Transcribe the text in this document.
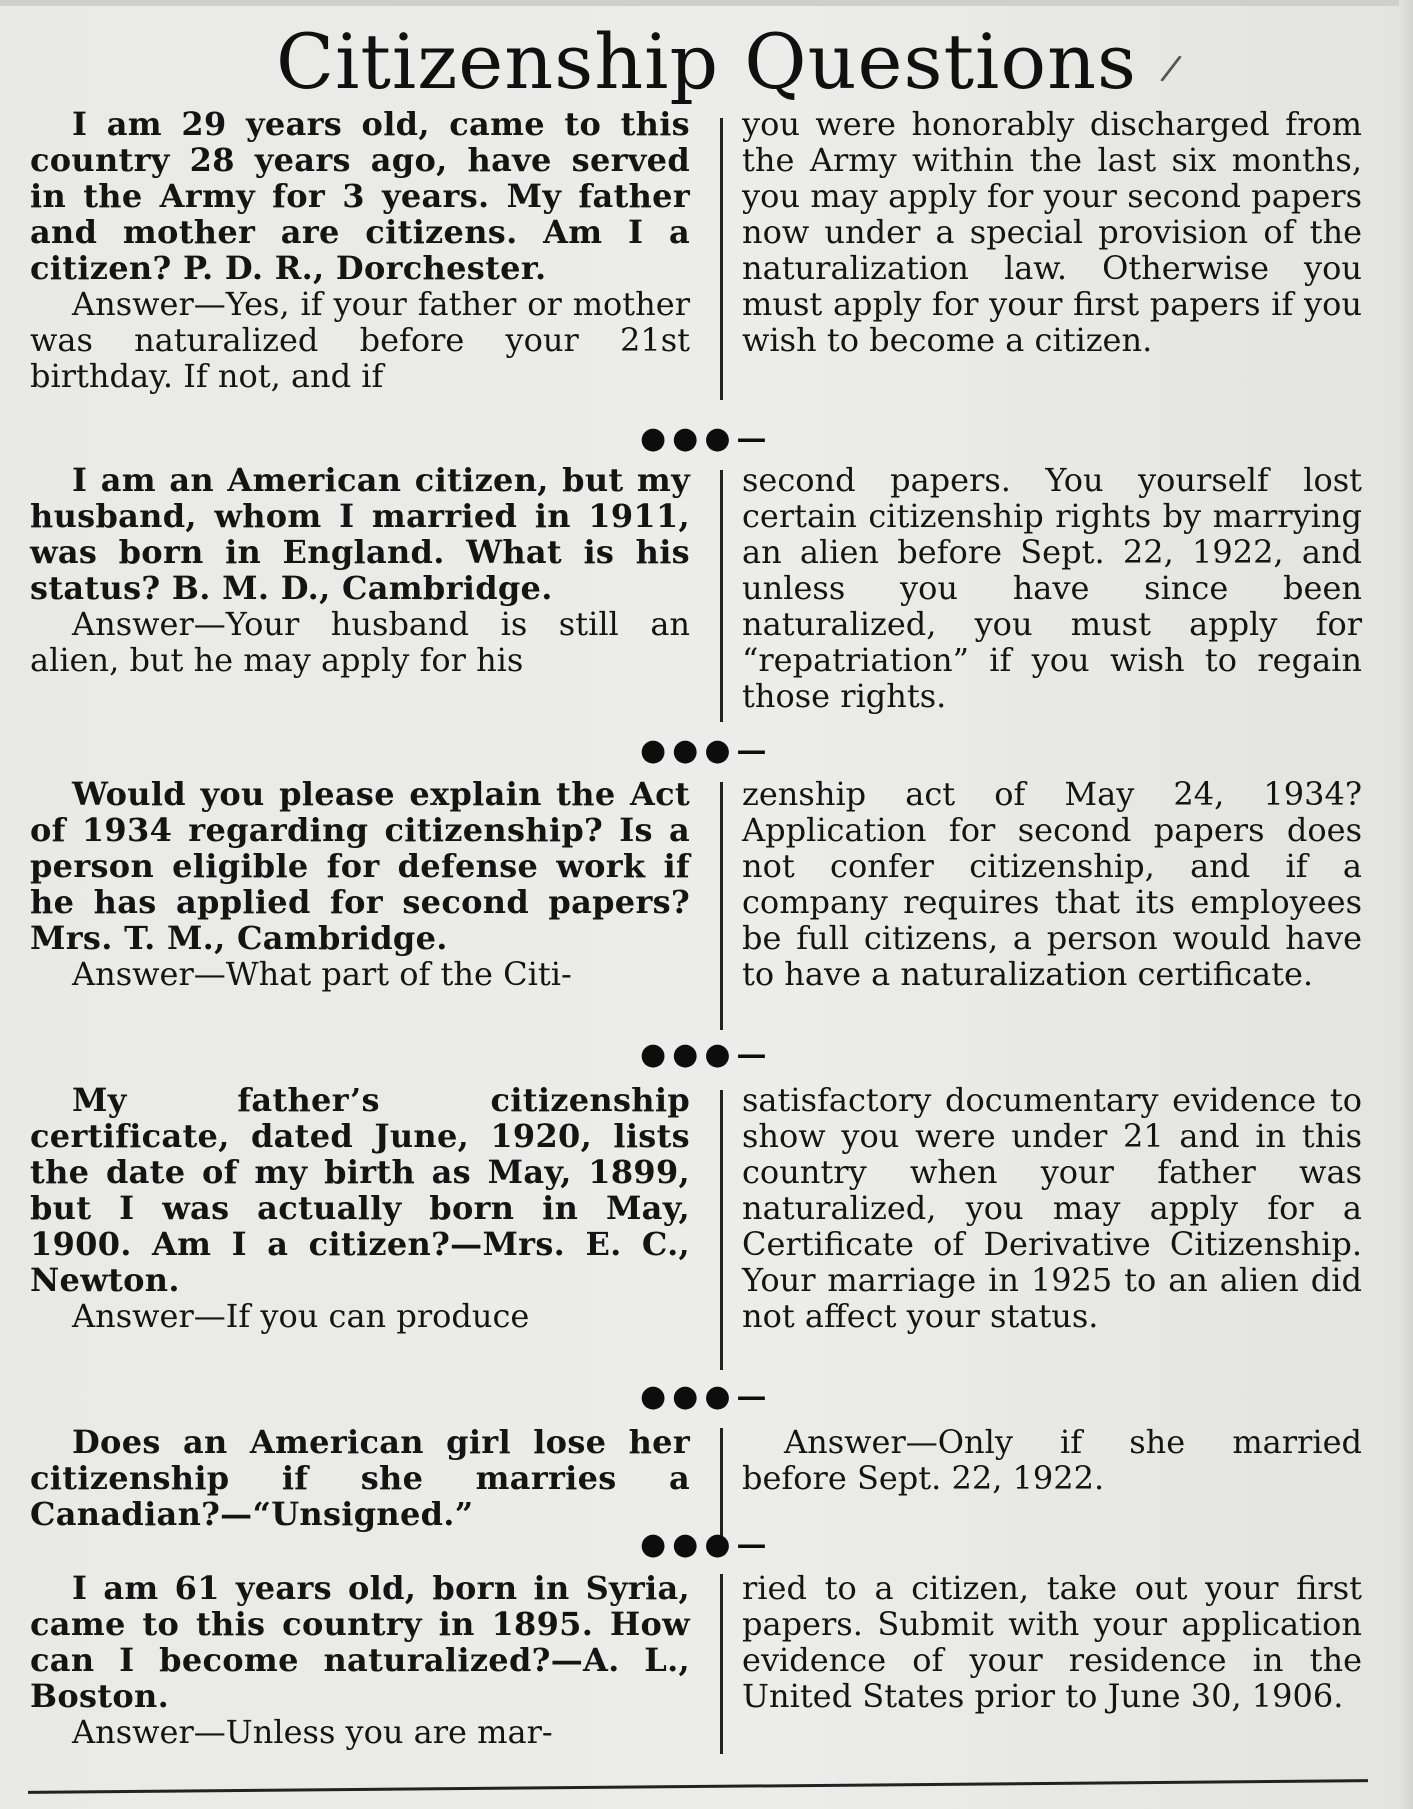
Citizenship Questions /

I am 29 years old, came to this country 28 years ago, have served in the Army for 3 years. My father and mother are citizens. Am I a citizen? P. D. R., Dorchester.

Answer—Yes, if your father or mother was naturalized before your 21st birthday. If not, and if

you were honorably discharged from the Army within the last six months, you may apply for your second papers now under a special provision of the naturalization law. Otherwise you must apply for your first papers if you wish to become a citizen.

●●●—

I am an American citizen, but my husband, whom I married in 1911, was born in England. What is his status? B. M. D., Cambridge.

Answer—Your husband is still an alien, but he may apply for his

second papers. You yourself lost certain citizenship rights by marrying an alien before Sept. 22, 1922, and unless you have since been naturalized, you must apply for “repatriation” if you wish to regain those rights.

●●●—

Would you please explain the Act of 1934 regarding citizenship? Is a person eligible for defense work if he has applied for second papers? Mrs. T. M., Cambridge.

Answer—What part of the Citi-

zenship act of May 24, 1934? Application for second papers does not confer citizenship, and if a company requires that its employees be full citizens, a person would have to have a naturalization certificate.

●●●—

My father’s citizenship certificate, dated June, 1920, lists the date of my birth as May, 1899, but I was actually born in May, 1900. Am I a citizen?—Mrs. E. C., Newton.

Answer—If you can produce

satisfactory documentary evidence to show you were under 21 and in this country when your father was naturalized, you may apply for a Certificate of Derivative Citizenship. Your marriage in 1925 to an alien did not affect your status.

●●●—

Does an American girl lose her citizenship if she marries a Canadian?—“Unsigned.”

Answer—Only if she married before Sept. 22, 1922.

●●●—

I am 61 years old, born in Syria, came to this country in 1895. How can I become naturalized?—A. L., Boston.

Answer—Unless you are mar-

ried to a citizen, take out your first papers. Submit with your application evidence of your residence in the United States prior to June 30, 1906.
